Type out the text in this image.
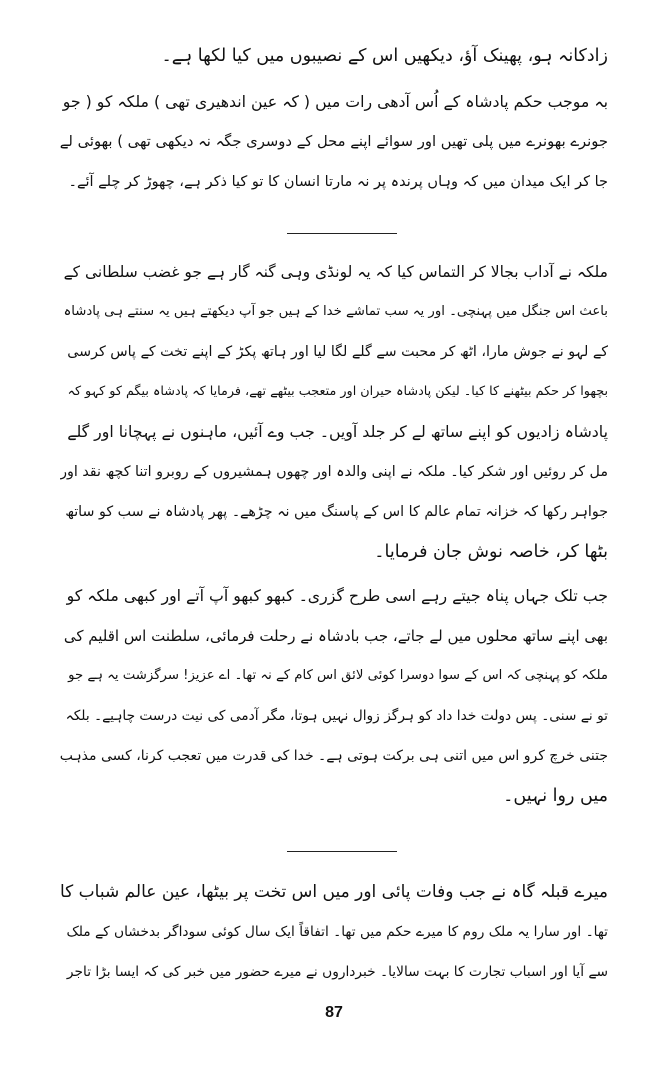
زادکانہ ہو، پھینک آؤ، دیکھیں اس کے نصیبوں میں کیا لکھا ہے۔
بہ موجب حکم پادشاہ کے اُس آدھی رات میں ( کہ عین اندھیری تھی ) ملکہ کو ( جو
جونرے بھونرے میں پلی تھیں اور سوائے اپنے محل کے دوسری جگہ نہ دیکھی تھی ) بھوئی لے
جا کر ایک میدان میں کہ وہاں پرندہ پر نہ مارتا انسان کا تو کیا ذکر ہے، چھوڑ کر چلے آئے۔
ملکہ نے آداب بجالا کر التماس کیا کہ یہ لونڈی وہی گنہ گار ہے جو غضب سلطانی کے
باعث اس جنگل میں پہنچی۔ اور یہ سب تماشے خدا کے ہیں جو آپ دیکھتے ہیں یہ سنتے ہی پادشاہ
کے لہو نے جوش مارا، اٹھ کر محبت سے گلے لگا لیا اور ہاتھ پکڑ کے اپنے تخت کے پاس کرسی
بچھوا کر حکم بیٹھنے کا کیا۔ لیکن پادشاہ حیران اور متعجب بیٹھے تھے، فرمایا کہ پادشاہ بیگم کو کہو کہ
پادشاہ زادیوں کو اپنے ساتھ لے کر جلد آویں۔ جب وے آئیں، ماہنوں نے پہچانا اور گلے
مل کر روئیں اور شکر کیا۔ ملکہ نے اپنی والدہ اور چھوں ہمشیروں کے روبرو اتنا کچھ نقد اور
جواہر رکھا کہ خزانہ تمام عالم کا اس کے پاسنگ میں نہ چڑھے۔ پھر پادشاہ نے سب کو ساتھ
بٹھا کر، خاصہ نوش جان فرمایا۔
جب تلک جہاں پناہ جیتے رہے اسی طرح گزری۔ کبھو کبھو آپ آتے اور کبھی ملکہ کو
بھی اپنے ساتھ محلوں میں لے جاتے، جب بادشاہ نے رحلت فرمائی، سلطنت اس اقلیم کی
ملکہ کو پہنچی کہ اس کے سوا دوسرا کوئی لائق اس کام کے نہ تھا۔ اے عزیز! سرگزشت یہ ہے جو
تو نے سنی۔ پس دولت خدا داد کو ہرگز زوال نہیں ہوتا، مگر آدمی کی نیت درست چاہیے۔ بلکہ
جتنی خرچ کرو اس میں اتنی ہی برکت ہوتی ہے۔ خدا کی قدرت میں تعجب کرنا، کسی مذہب
میں روا نہیں۔
میرے قبلہ گاہ نے جب وفات پائی اور میں اس تخت پر بیٹھا، عین عالم شباب کا
تھا۔ اور سارا یہ ملک روم کا میرے حکم میں تھا۔ اتفاقاً ایک سال کوئی سوداگر بدخشاں کے ملک
سے آیا اور اسباب تجارت کا بہت سالایا۔ خبرداروں نے میرے حضور میں خبر کی کہ ایسا بڑا تاجر
87
